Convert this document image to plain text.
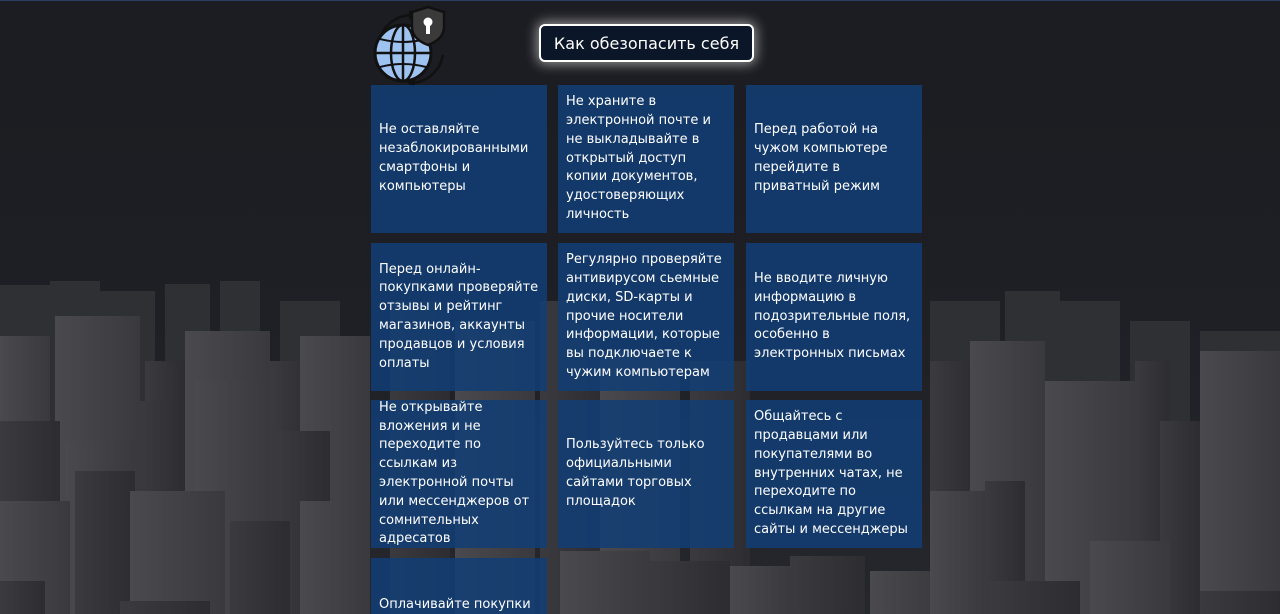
Как обезопасить себя
Не оставляйте незаблокированными смартфоны и компьютеры
Не храните в электронной почте и не выкладывайте в открытый доступ копии документов, удостоверяющих личность
Перед работой на чужом компьютере перейдите в приватный режим
Перед онлайн-покупками проверяйте отзывы и рейтинг магазинов, аккаунты продавцов и условия оплаты
Регулярно проверяйте антивирусом сьемные диски, SD-карты и прочие носители информации, которые вы подключаете к чужим компьютерам
Не вводите личную информацию в подозрительные поля, особенно в электронных письмах
Не открывайте вложения и не переходите по ссылкам из электронной почты или мессенджеров от сомнительных адресатов
Пользуйтесь только официальными сайтами торговых площадок
Общайтесь с продавцами или покупателями во внутренних чатах, не переходите по ссылкам на другие сайты и мессенджеры
Оплачивайте покупки
